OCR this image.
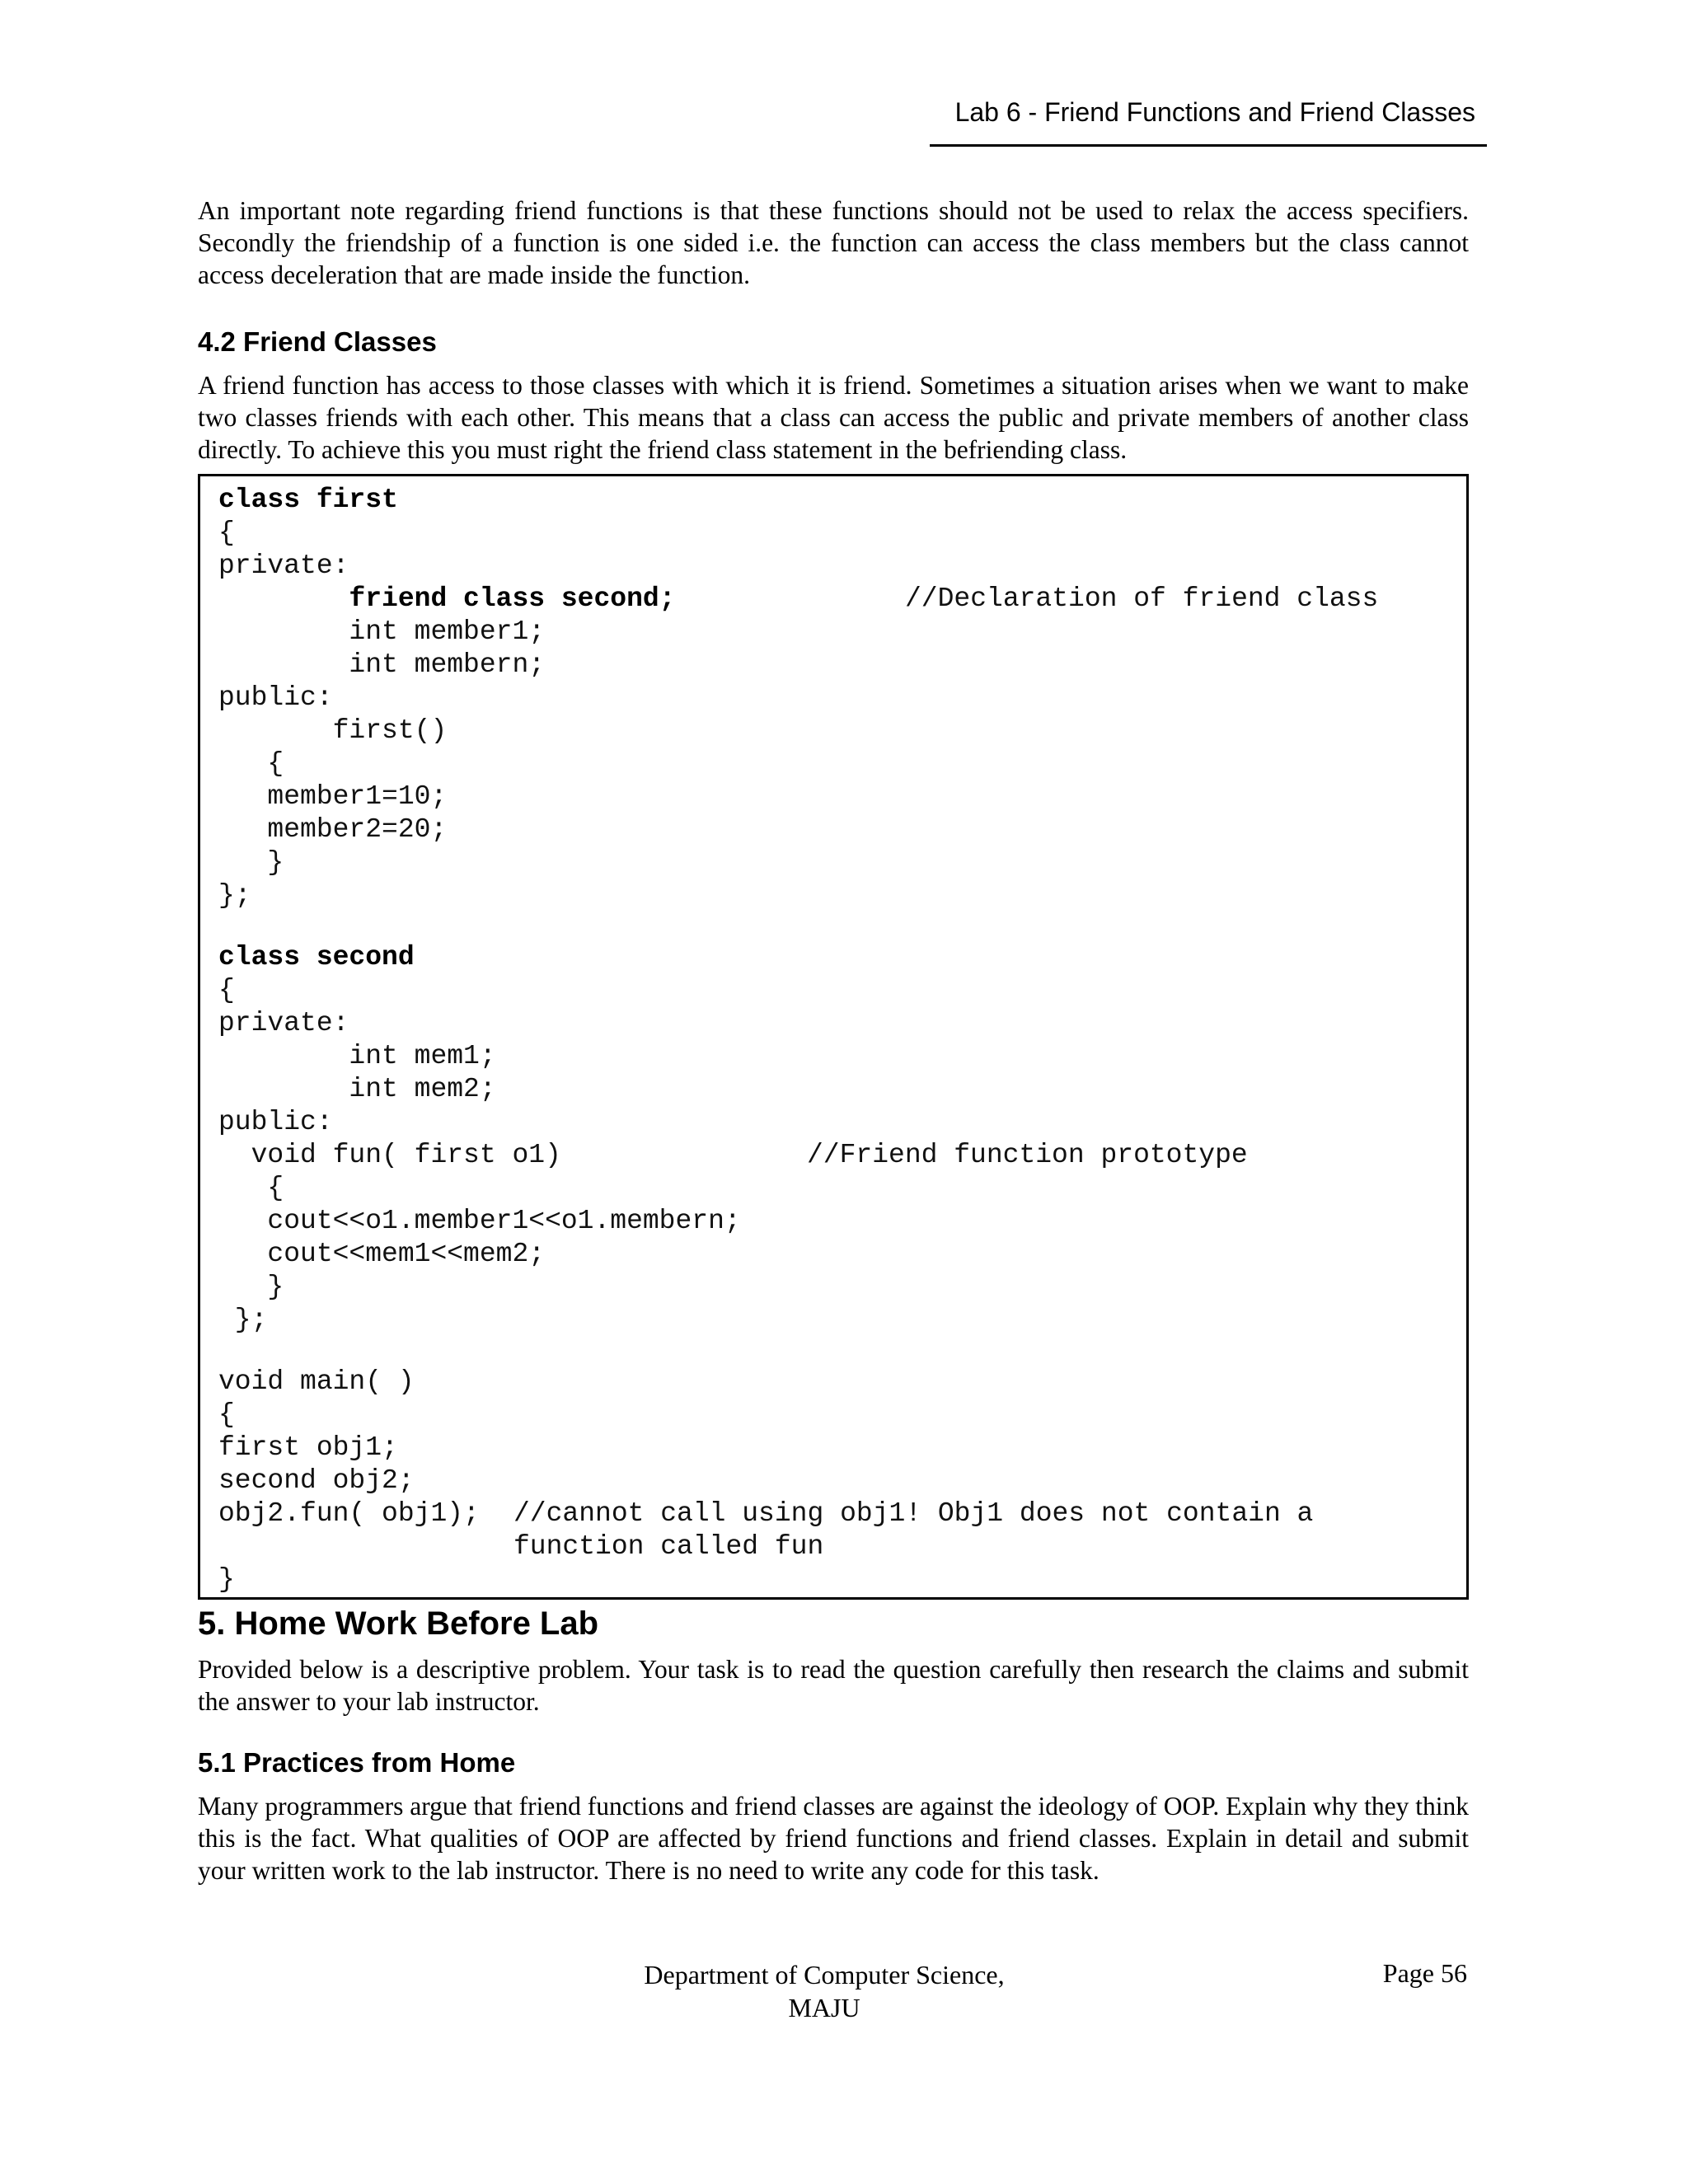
Lab 6 - Friend Functions and Friend Classes
An important note regarding friend functions is that these functions should not be used to relax the access specifiers. Secondly the friendship of a function is one sided i.e. the function can access the class members but the class cannot access deceleration that are made inside the function.
4.2 Friend Classes
A friend function has access to those classes with which it is friend. Sometimes a situation arises when we want to make two classes friends with each other. This means that a class can access the public and private members of another class directly. To achieve this you must right the friend class statement in the befriending class.
class first
{
private:
friend class second;	//Declaration of friend class
int member1;
int membern;
public:
first()
{
member1=10;
member2=20;
}
};
class second
{
private:
int mem1;
int mem2;
public:
void fun( first o1)	//Friend function prototype
{
cout<<o1.member1<<o1.membern;
cout<<mem1<<mem2;
}
};
void main( )
{
first obj1;
second obj2;
obj2.fun( obj1); //cannot call using obj1! Obj1 does not contain a
function called fun
}
5. Home Work Before Lab
Provided below is a descriptive problem. Your task is to read the question carefully then research the claims and submit the answer to your lab instructor.
5.1 Practices from Home
Many programmers argue that friend functions and friend classes are against the ideology of OOP. Explain why they think this is the fact. What qualities of OOP are affected by friend functions and friend classes. Explain in detail and submit your written work to the lab instructor. There is no need to write any code for this task.
Department of Computer Science,
MAJU
Page 56
